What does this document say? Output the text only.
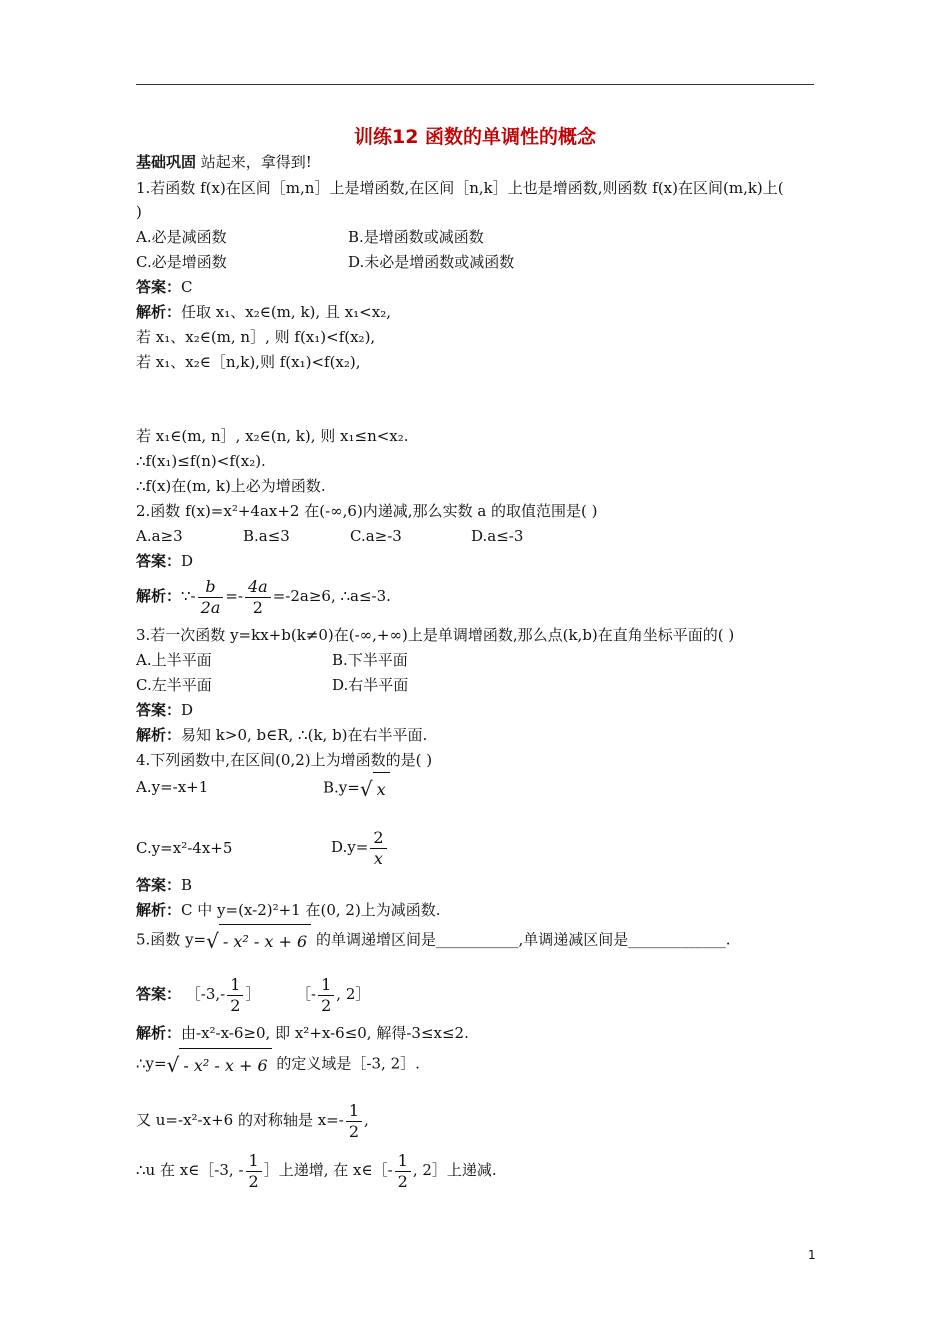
训练12 函数的单调性的概念
基础巩固 站起来，拿得到!
1.若函数 f(x)在区间［m,n］上是增函数,在区间［n,k］上也是增函数,则函数 f(x)在区间(m,k)上(
)
A.必是减函数	B.是增函数或减函数
C.必是增函数	D.未必是增函数或减函数
答案：C
解析：任取 x₁、x₂∈(m, k), 且 x₁<x₂,
若 x₁、x₂∈(m, n］, 则 f(x₁)<f(x₂),
若 x₁、x₂∈［n,k),则 f(x₁)<f(x₂),
若 x₁∈(m, n］, x₂∈(n, k), 则 x₁≤n<x₂.
∴f(x₁)≤f(n)<f(x₂).
∴f(x)在(m, k)上必为增函数.
2.函数 f(x)=x²+4ax+2 在(-∞,6)内递减,那么实数 a 的取值范围是( )
A.a≥3	B.a≤3	C.a≥-3	D.a≤-3
答案：D
解析：∵- $\frac{b}{2a} =- \frac{4a}{2} =-2a\ge 6$, ∴a≤-3.
3.若一次函数 y=kx+b(k≠0)在(-∞,+∞)上是单调增函数,那么点(k,b)在直角坐标平面的( )
A.上半平面	B.下半平面
C.左半平面	D.右半平面
答案：D
解析：易知 k>0, b∈R, ∴(k, b)在右半平面.
4.下列函数中,在区间(0,2)上为增函数的是( )
A.y=-x+1	B.y=√ x
C.y=x²-4x+5	$D.y= \frac{2}{x}$
答案：B
解析：C 中 y=(x-2)²+1 在(0, 2)上为减函数.
5.函数 y=√ - x² - x + 6 的单调递增区间是___________,单调递减区间是_____________.
答案： ［-3,- $\frac{1}{2}$ ］ ［- $\frac{1}{2}$ , 2］
解析：由-x²-x-6≥0, 即 x²+x-6≤0, 解得-3≤x≤2.
∴y=√ - x² - x + 6 的定义域是［-3, 2］.
又 u=-x²-x+6 的对称轴是 $x=- \frac{1}{2}$ ,
∴u 在 x∈［-3, - $\frac{1}{2}$ ］上递增, 在 x∈［- $\frac{1}{2}$ , 2］上递减.
1
